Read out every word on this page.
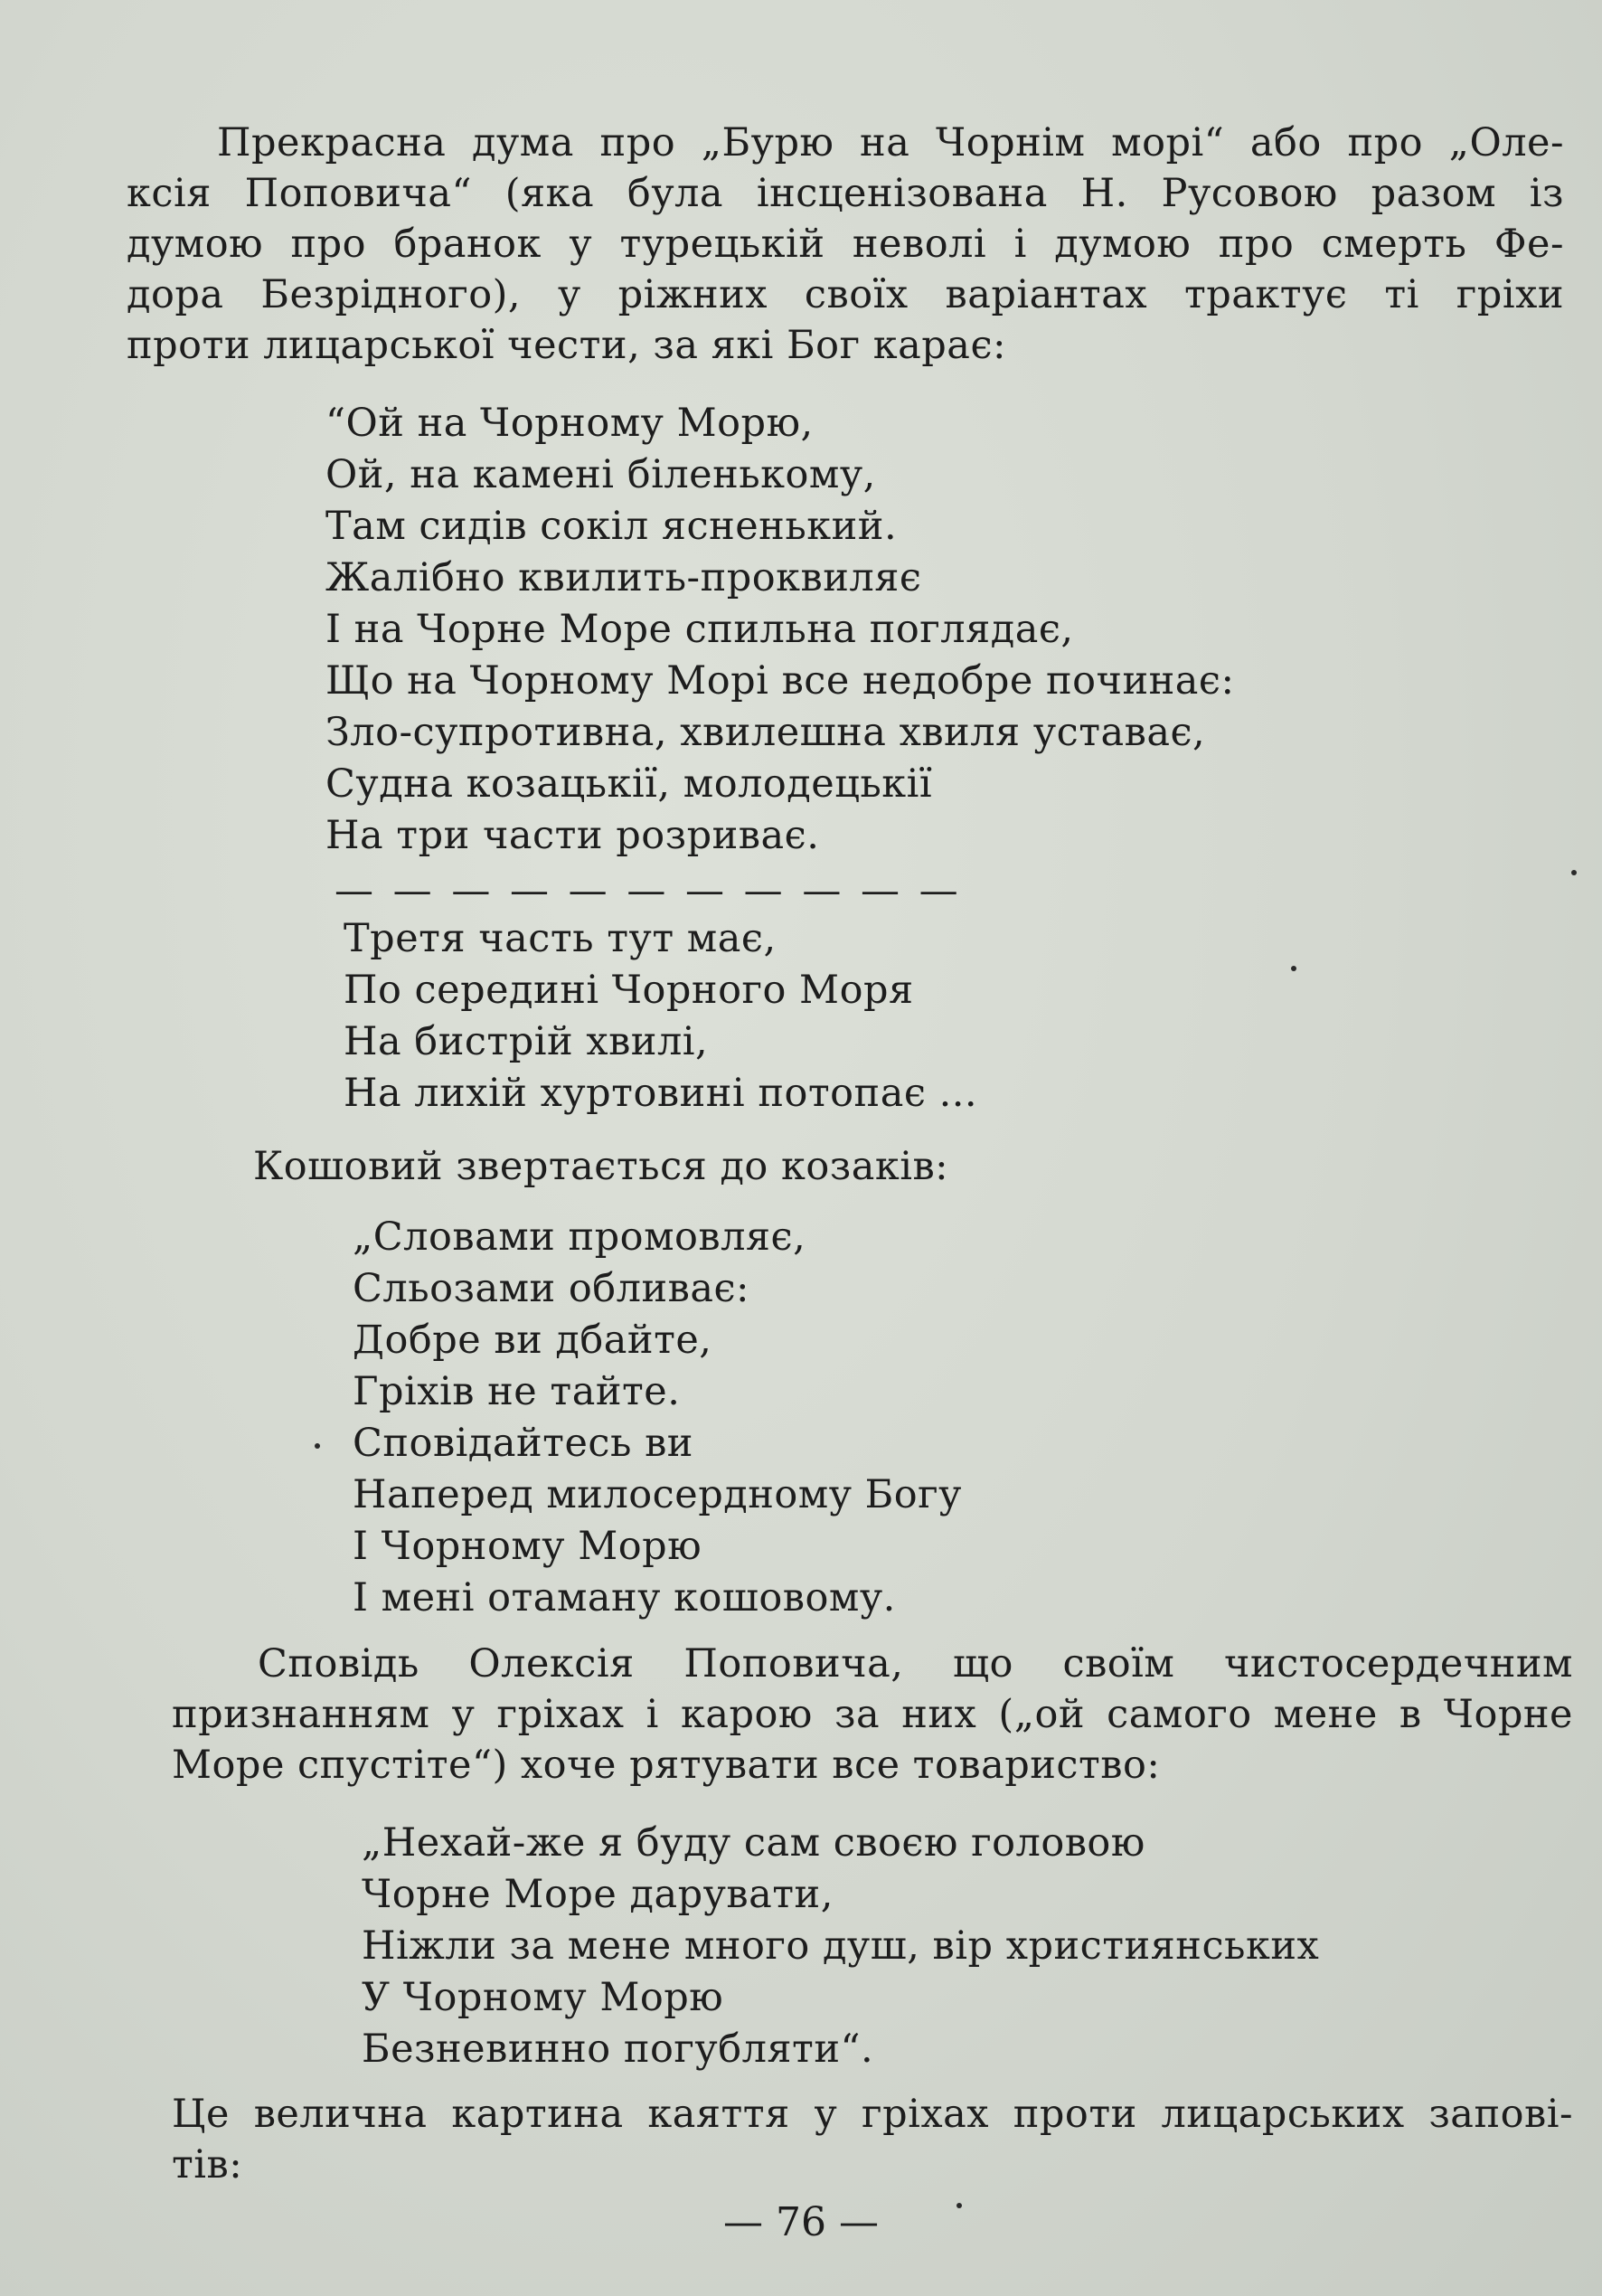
Прекрасна дума про „Бурю на Чорнім морі“ або про „Оле-
ксія Поповича“ (яка була інсценізована Н. Русовою разом із
думою про бранок у турецькій неволі і думою про смерть Фе-
дора Безрідного), у ріжних своїх варіантах трактує ті гріхи
проти лицарської чести, за які Бог карає:
“Ой на Чорному Морю,
Ой, на камені біленькому,
Там сидів сокіл ясненький.
Жалібно квилить-проквиляє
І на Чорне Море спильна поглядає,
Що на Чорному Морі все недобре починає:
Зло-супротивна, хвилешна хвиля уставає,
Судна козацькії, молодецькії
На три части розриває.
— — — — — — — — — — —
Третя часть тут має,
По середині Чорного Моря
На бистрій хвилі,
На лихій хуртовині потопає ...
Кошовий звертається до козаків:
„Словами промовляє,
Сльозами обливає:
Добре ви дбайте,
Гріхів не тайте.
Сповідайтесь ви
Наперед милосердному Богу
І Чорному Морю
І мені отаману кошовому.
Сповідь Олексія Поповича, що своїм чистосердечним
признанням у гріхах і карою за них („ой самого мене в Чорне
Море спустіте“) хоче рятувати все товариство:
„Нехай-же я буду сам своєю головою
Чорне Море дарувати,
Ніжли за мене много душ, вір християнських
У Чорному Морю
Безневинно погубляти“.
Це велична картина каяття у гріхах проти лицарських запові-
тів:
— 76 —
